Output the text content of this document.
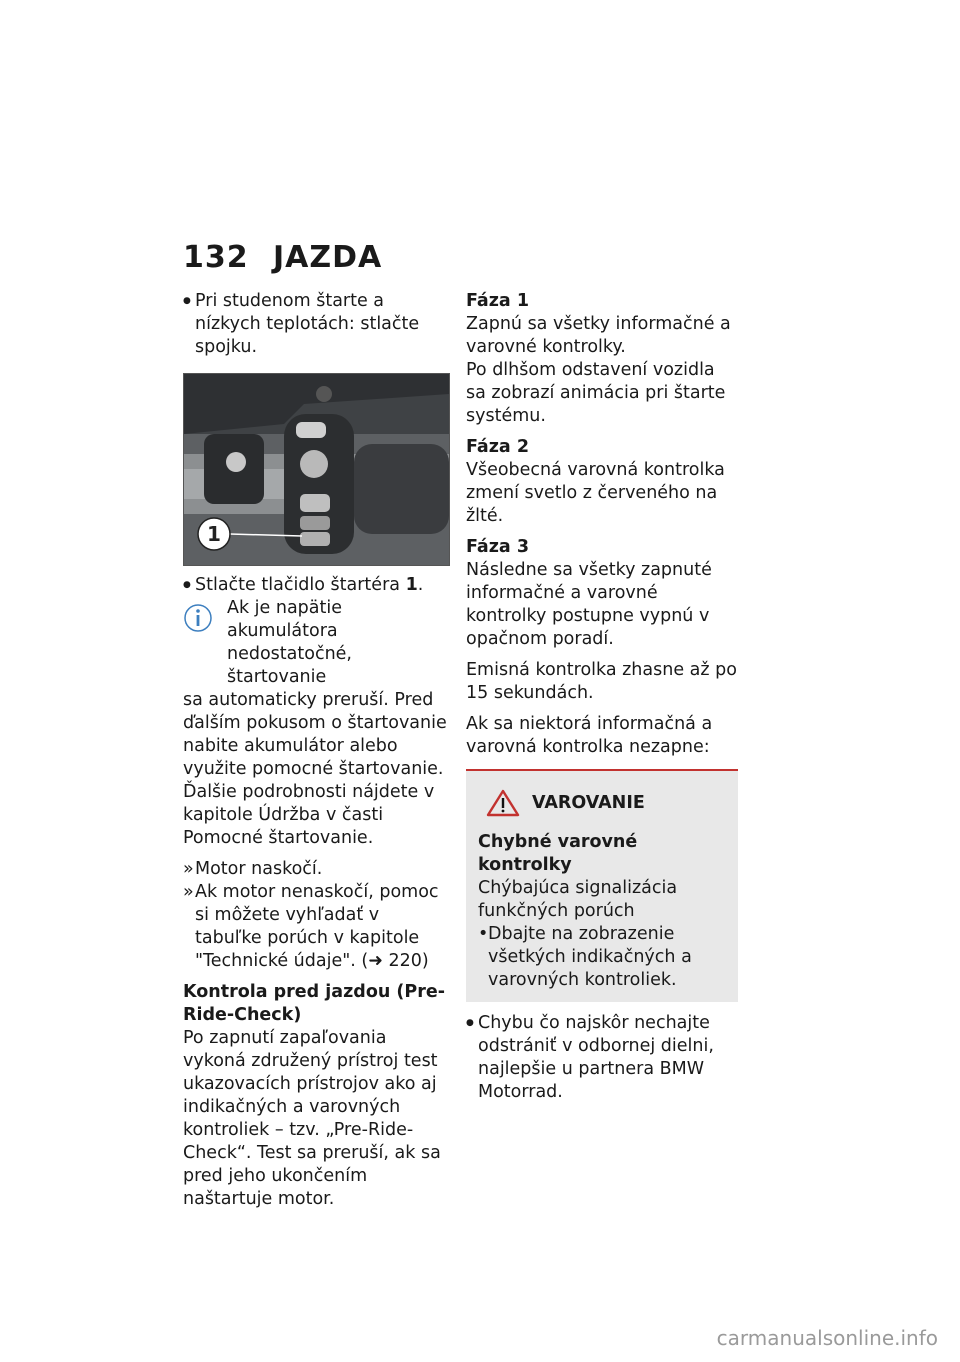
132 JAZDA

● Pri studenom štarte a nízkych teplotách: stlačte spojku.

1

● Stlačte tlačidlo štartéra 1.

Ak je napätie akumulátora

nedostatočné, štartovanie

sa automaticky preruší. Pred ďalším pokusom o štartovanie nabite akumulátor alebo využite pomocné štartovanie.

Ďalšie podrobnosti nájdete v kapitole Údržba v časti Pomocné štartovanie.

» Motor naskočí.

» Ak motor nenaskočí, pomoc si môžete vyhľadať v tabuľke porúch v kapitole "Technické údaje". (➜ 220)

Kontrola pred jazdou (Pre-Ride-Check)

Po zapnutí zapaľovania vykoná združený prístroj test ukazovacích prístrojov ako aj indikačných a varovných kontroliek – tzv. „Pre-Ride-Check“. Test sa preruší, ak sa pred jeho ukončením naštartuje motor.

Fáza 1

Zapnú sa všetky informačné a varovné kontrolky.

Po dlhšom odstavení vozidla sa zobrazí animácia pri štarte systému.

Fáza 2

Všeobecná varovná kontrolka zmení svetlo z červeného na žlté.

Fáza 3

Následne sa všetky zapnuté informačné a varovné kontrolky postupne vypnú v opačnom poradí.

Emisná kontrolka zhasne až po 15 sekundách.

Ak sa niektorá informačná a varovná kontrolka nezapne:

VAROVANIE

Chybné varovné kontrolky

Chýbajúca signalizácia funkčných porúch

• Dbajte na zobrazenie všetkých indikačných a varovných kontroliek.

● Chybu čo najskôr nechajte odstrániť v odbornej dielni, najlepšie u partnera BMW Motorrad.

carmanualsonline.info
